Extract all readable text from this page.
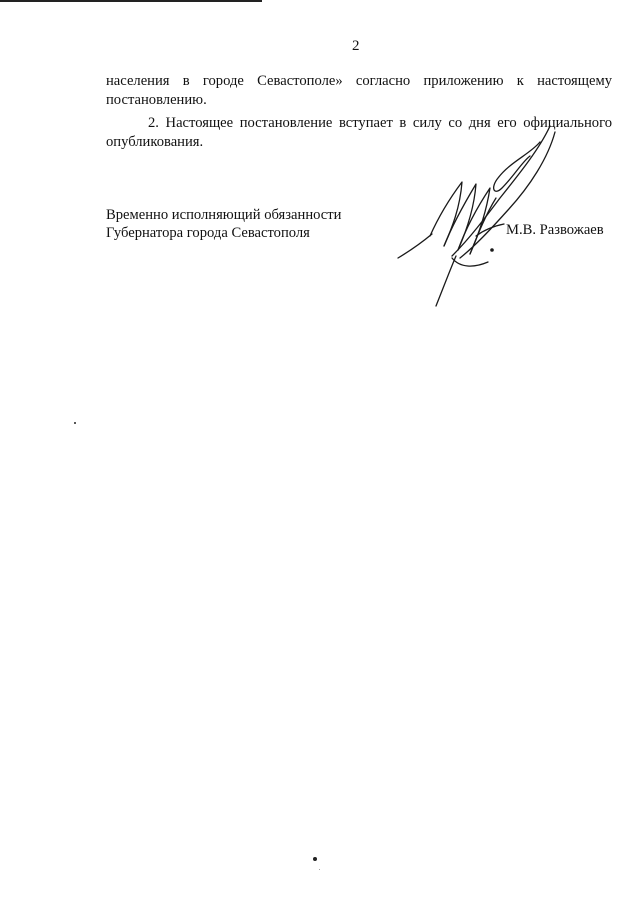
2
населения в городе Севастополе» согласно приложению к настоящему
постановлению.
2. Настоящее постановление вступает в силу со дня его официального
опубликования.
Временно исполняющий обязанности
Губернатора города Севастополя	М.В. Развожаев
